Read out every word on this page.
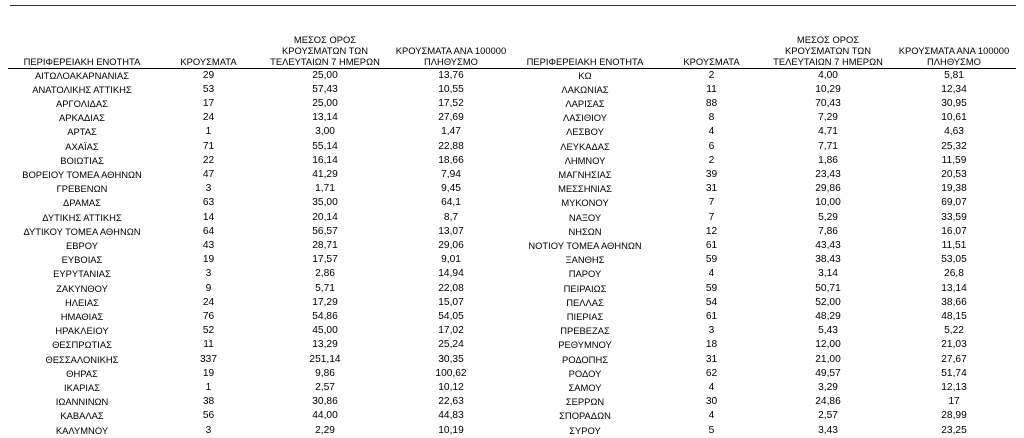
ΠΕΡΙΦΕΡΕΙΑΚΗ ΕΝΟΤΗΤΑ	ΚΡΟΥΣΜΑΤΑ	ΜΕΣΟΣ ΟΡΟΣ
ΚΡΟΥΣΜΑΤΩΝ ΤΩΝ
ΤΕΛΕΥΤΑΙΩΝ 7 ΗΜΕΡΩΝ	ΚΡΟΥΣΜΑΤΑ ΑΝΑ 100000
ΠΛΗΘΥΣΜΟ

ΑΙΤΩΛΟΑΚΑΡΝΑΝΙΑΣ	29	25,00	13,76
ΑΝΑΤΟΛΙΚΗΣ ΑΤΤΙΚΗΣ	53	57,43	10,55
ΑΡΓΟΛΙΔΑΣ	17	25,00	17,52
ΑΡΚΑΔΙΑΣ	24	13,14	27,69
ΑΡΤΑΣ	1	3,00	1,47
ΑΧΑΪΑΣ	71	55,14	22,88
ΒΟΙΩΤΙΑΣ	22	16,14	18,66
ΒΟΡΕΙΟΥ ΤΟΜΕΑ ΑΘΗΝΩΝ	47	41,29	7,94
ΓΡΕΒΕΝΩΝ	3	1,71	9,45
ΔΡΑΜΑΣ	63	35,00	64,1
ΔΥΤΙΚΗΣ ΑΤΤΙΚΗΣ	14	20,14	8,7
ΔΥΤΙΚΟΥ ΤΟΜΕΑ ΑΘΗΝΩΝ	64	56,57	13,07
ΕΒΡΟΥ	43	28,71	29,06
ΕΥΒΟΙΑΣ	19	17,57	9,01
ΕΥΡΥΤΑΝΙΑΣ	3	2,86	14,94
ΖΑΚΥΝΘΟΥ	9	5,71	22,08
ΗΛΕΙΑΣ	24	17,29	15,07
ΗΜΑΘΙΑΣ	76	54,86	54,05
ΗΡΑΚΛΕΙΟΥ	52	45,00	17,02
ΘΕΣΠΡΩΤΙΑΣ	11	13,29	25,24
ΘΕΣΣΑΛΟΝΙΚΗΣ	337	251,14	30,35
ΘΗΡΑΣ	19	9,86	100,62
ΙΚΑΡΙΑΣ	1	2,57	10,12
ΙΩΑΝΝΙΝΩΝ	38	30,86	22,63
ΚΑΒΑΛΑΣ	56	44,00	44,83
ΚΑΛΥΜΝΟΥ	3	2,29	10,19
ΠΕΡΙΦΕΡΕΙΑΚΗ ΕΝΟΤΗΤΑ	ΚΡΟΥΣΜΑΤΑ	ΜΕΣΟΣ ΟΡΟΣ
ΚΡΟΥΣΜΑΤΩΝ ΤΩΝ
ΤΕΛΕΥΤΑΙΩΝ 7 ΗΜΕΡΩΝ	ΚΡΟΥΣΜΑΤΑ ΑΝΑ 100000
ΠΛΗΘΥΣΜΟ

ΚΩ	2	4,00	5,81
ΛΑΚΩΝΙΑΣ	11	10,29	12,34
ΛΑΡΙΣΑΣ	88	70,43	30,95
ΛΑΣΙΘΙΟΥ	8	7,29	10,61
ΛΕΣΒΟΥ	4	4,71	4,63
ΛΕΥΚΑΔΑΣ	6	7,71	25,32
ΛΗΜΝΟΥ	2	1,86	11,59
ΜΑΓΝΗΣΙΑΣ	39	23,43	20,53
ΜΕΣΣΗΝΙΑΣ	31	29,86	19,38
ΜΥΚΟΝΟΥ	7	10,00	69,07
ΝΑΞΟΥ	7	5,29	33,59
ΝΗΣΩΝ	12	7,86	16,07
ΝΟΤΙΟΥ ΤΟΜΕΑ ΑΘΗΝΩΝ	61	43,43	11,51
ΞΑΝΘΗΣ	59	38,43	53,05
ΠΑΡΟΥ	4	3,14	26,8
ΠΕΙΡΑΙΩΣ	59	50,71	13,14
ΠΕΛΛΑΣ	54	52,00	38,66
ΠΙΕΡΙΑΣ	61	48,29	48,15
ΠΡΕΒΕΖΑΣ	3	5,43	5,22
ΡΕΘΥΜΝΟΥ	18	12,00	21,03
ΡΟΔΟΠΗΣ	31	21,00	27,67
ΡΟΔΟΥ	62	49,57	51,74
ΣΑΜΟΥ	4	3,29	12,13
ΣΕΡΡΩΝ	30	24,86	17
ΣΠΟΡΑΔΩΝ	4	2,57	28,99
ΣΥΡΟΥ	5	3,43	23,25
